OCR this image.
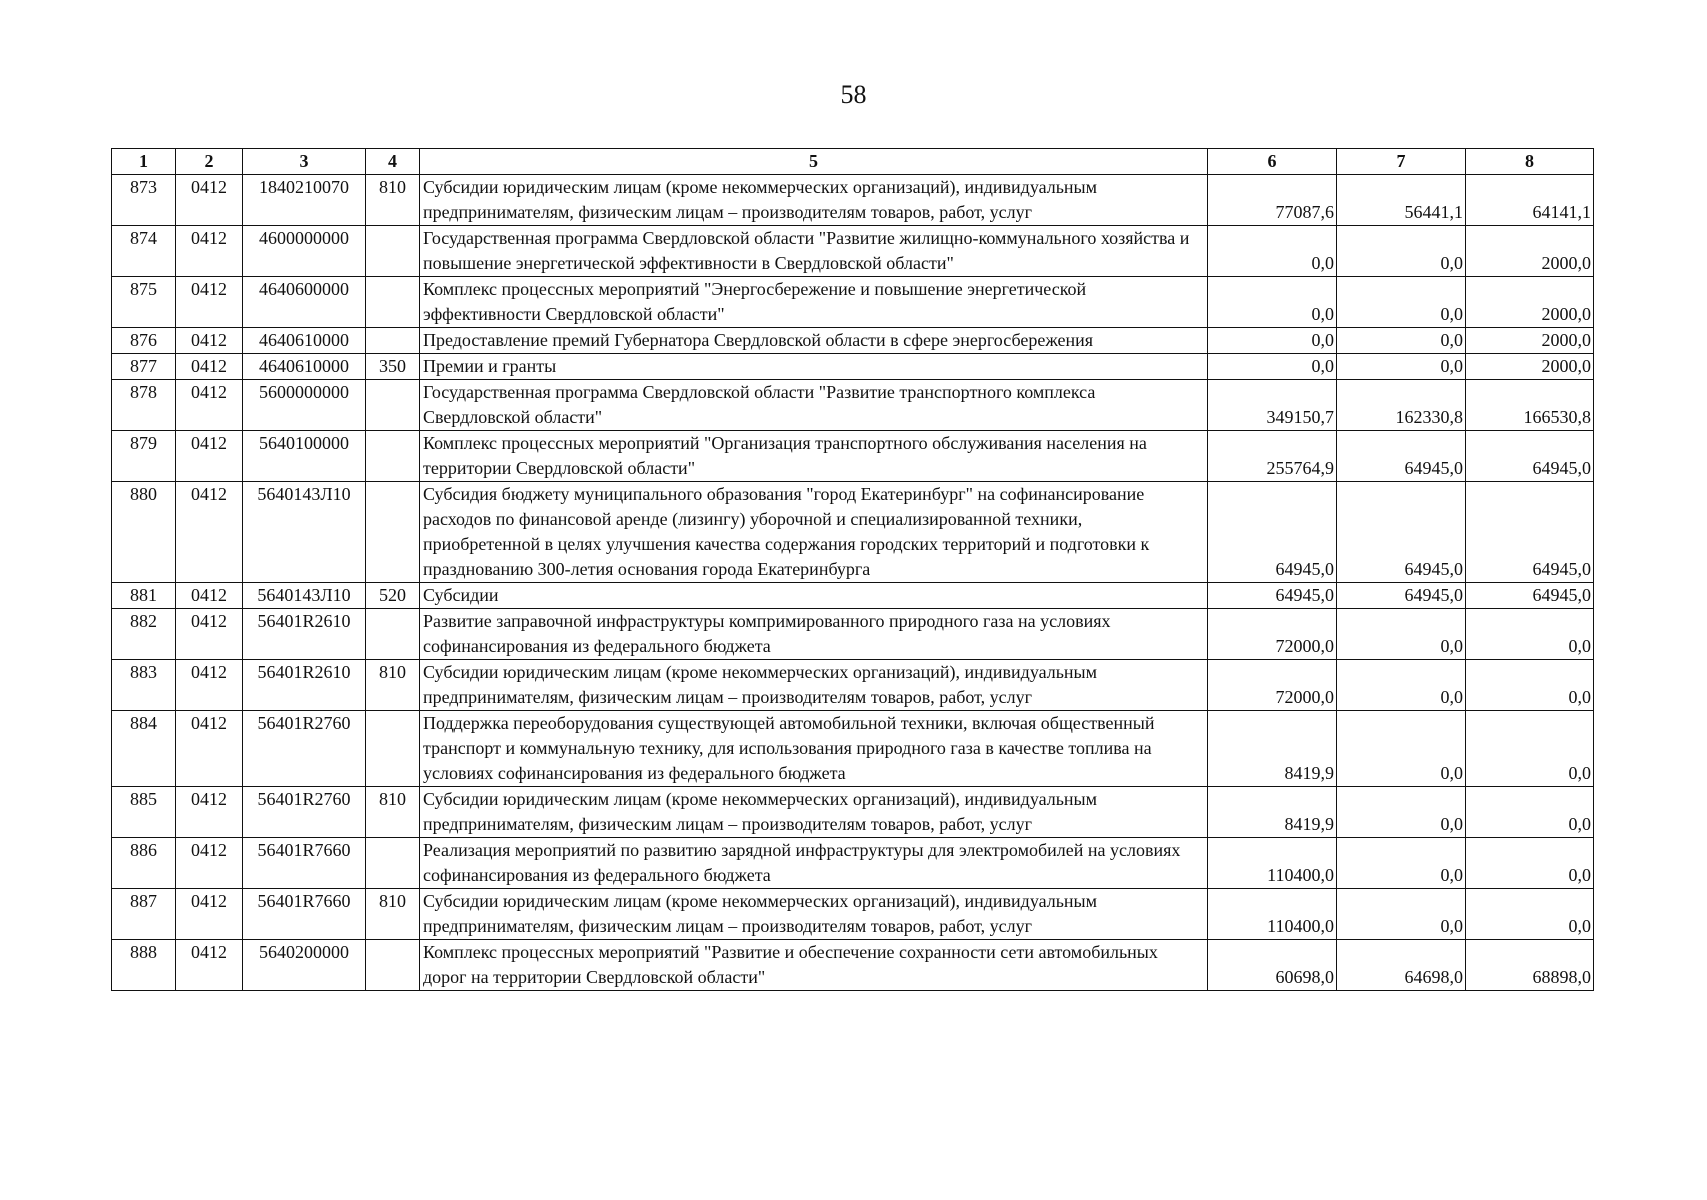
58
1	2	3	4	5	6	7	8
873	0412	1840210070	810	Субсидии юридическим лицам (кроме некоммерческих организаций), индивидуальным предпринимателям, физическим лицам – производителям товаров, работ, услуг	77087,6	56441,1	64141,1
874	0412	4600000000		Государственная программа Свердловской области "Развитие жилищно-коммунального хозяйства и повышение энергетической эффективности в Свердловской области"	0,0	0,0	2000,0
875	0412	4640600000		Комплекс процессных мероприятий "Энергосбережение и повышение энергетической эффективности Свердловской области"	0,0	0,0	2000,0
876	0412	4640610000		Предоставление премий Губернатора Свердловской области в сфере энергосбережения	0,0	0,0	2000,0
877	0412	4640610000	350	Премии и гранты	0,0	0,0	2000,0
878	0412	5600000000		Государственная программа Свердловской области "Развитие транспортного комплекса Свердловской области"	349150,7	162330,8	166530,8
879	0412	5640100000		Комплекс процессных мероприятий "Организация транспортного обслуживания населения на территории Свердловской области"	255764,9	64945,0	64945,0
880	0412	5640143Л10		Субсидия бюджету муниципального образования "город Екатеринбург" на софинансирование расходов по финансовой аренде (лизингу) уборочной и специализированной техники, приобретенной в целях улучшения качества содержания городских территорий и подготовки к празднованию 300-летия основания города Екатеринбурга	64945,0	64945,0	64945,0
881	0412	5640143Л10	520	Субсидии	64945,0	64945,0	64945,0
882	0412	56401R2610		Развитие заправочной инфраструктуры компримированного природного газа на условиях софинансирования из федерального бюджета	72000,0	0,0	0,0
883	0412	56401R2610	810	Субсидии юридическим лицам (кроме некоммерческих организаций), индивидуальным предпринимателям, физическим лицам – производителям товаров, работ, услуг	72000,0	0,0	0,0
884	0412	56401R2760		Поддержка переоборудования существующей автомобильной техники, включая общественный транспорт и коммунальную технику, для использования природного газа в качестве топлива на условиях софинансирования из федерального бюджета	8419,9	0,0	0,0
885	0412	56401R2760	810	Субсидии юридическим лицам (кроме некоммерческих организаций), индивидуальным предпринимателям, физическим лицам – производителям товаров, работ, услуг	8419,9	0,0	0,0
886	0412	56401R7660		Реализация мероприятий по развитию зарядной инфраструктуры для электромобилей на условиях софинансирования из федерального бюджета	110400,0	0,0	0,0
887	0412	56401R7660	810	Субсидии юридическим лицам (кроме некоммерческих организаций), индивидуальным предпринимателям, физическим лицам – производителям товаров, работ, услуг	110400,0	0,0	0,0
888	0412	5640200000		Комплекс процессных мероприятий "Развитие и обеспечение сохранности сети автомобильных дорог на территории Свердловской области"	60698,0	64698,0	68898,0
